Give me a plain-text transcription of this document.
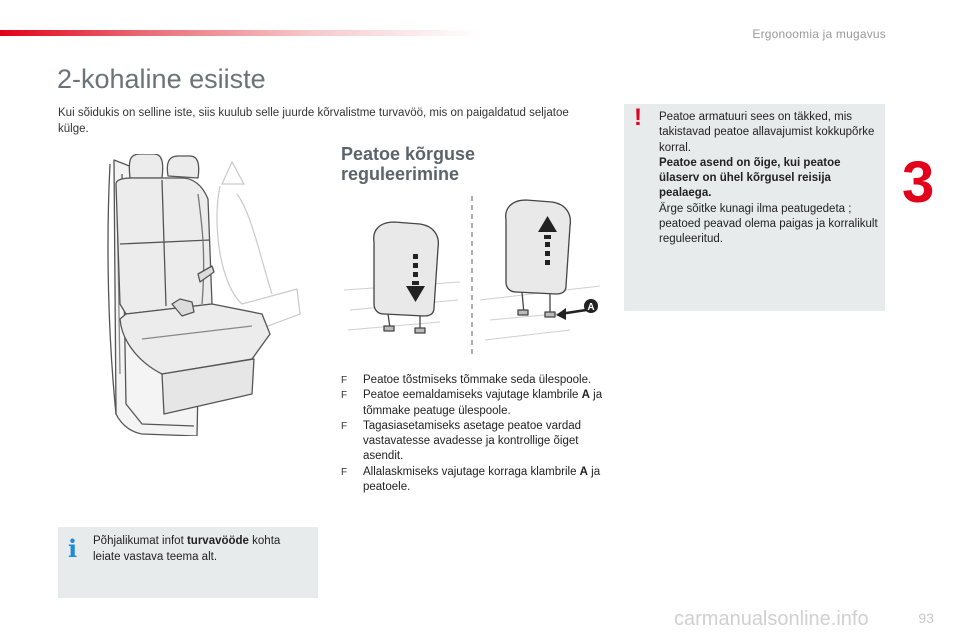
Ergonoomia ja mugavus
3
2-kohaline esiiste
Kui sõidukis on selline iste, siis kuulub selle juurde kõrvalistme turvavöö, mis on paigaldatud seljatoe külge.
A
Peatoe kõrguse
reguleerimine
F Peatoe tõstmiseks tõmmake seda ülespoole.
F Peatoe eemaldamiseks vajutage klambrile A ja tõmmake peatuge ülespoole.
F Tagasiasetamiseks asetage peatoe vardad vastavatesse avadesse ja kontrollige õiget asendit.
F Allalaskmiseks vajutage korraga klambrile A ja peatoele.
i Põhjalikumat infot turvavööde kohta leiate vastava teema alt.
! Peatoe armatuuri sees on täkked, mis takistavad peatoe allavajumist kokkupõrke korral.

Peatoe asend on õige, kui peatoe ülaserv on ühel kõrgusel reisija pealaega.

Ärge sõitke kunagi ilma peatugedeta ; peatoed peavad olema paigas ja korralikult reguleeritud.

carmanualsonline.info	93
